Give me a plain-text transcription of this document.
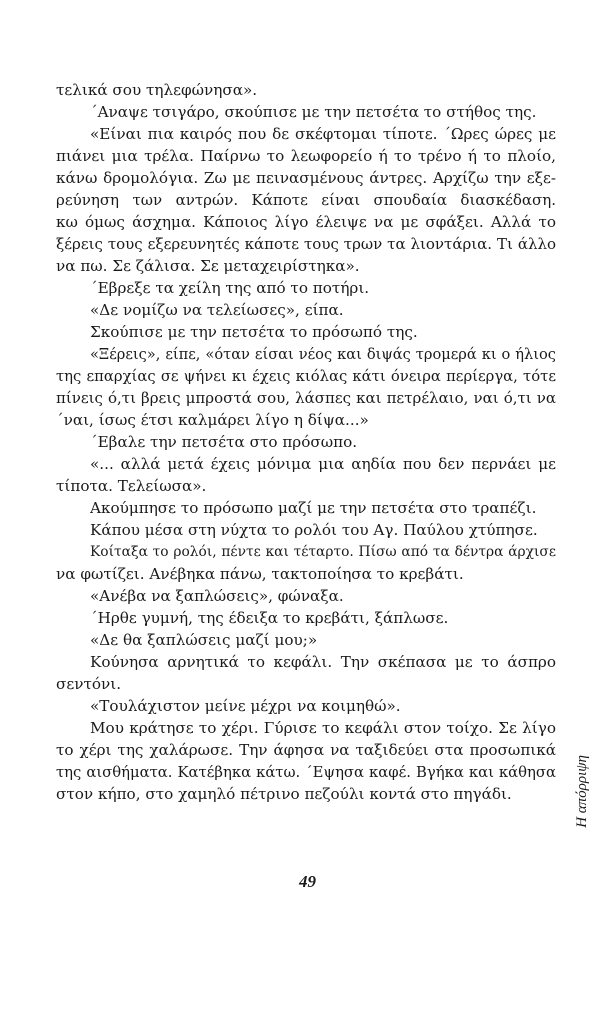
τελικά σου τηλεφώνησα».
΄Αναψε τσιγάρο, σκούπισε με την πετσέτα το στήθος της.
«Είναι πια καιρός που δε σκέφτομαι τίποτε. ΄Ωρες ώρες με
πιάνει μια τρέλα. Παίρνω το λεωφορείο ή το τρένο ή το πλοίο,
κάνω δρομολόγια. Ζω με πεινασμένους άντρες. Αρχίζω την εξε-
ρεύνηση των αντρών. Κάποτε είναι σπουδαία διασκέδαση.
κω όμως άσχημα. Κάποιος λίγο έλειψε να με σφάξει. Αλλά το
ξέρεις τους εξερευνητές κάποτε τους τρων τα λιοντάρια. Τι άλλο
να πω. Σε ζάλισα. Σε μεταχειρίστηκα».
΄Εβρεξε τα χείλη της από το ποτήρι.
«Δε νομίζω να τελείωσες», είπα.
Σκούπισε με την πετσέτα το πρόσωπό της.
«Ξέρεις», είπε, «όταν είσαι νέος και διψάς τρομερά κι ο ήλιος
της επαρχίας σε ψήνει κι έχεις κιόλας κάτι όνειρα περίεργα, τότε
πίνεις ό,τι βρεις μπροστά σου, λάσπες και πετρέλαιο, ναι ό,τι να
΄ναι, ίσως έτσι καλμάρει λίγο η δίψα...»
΄Εβαλε την πετσέτα στο πρόσωπο.
«... αλλά μετά έχεις μόνιμα μια αηδία που δεν περνάει με
τίποτα. Τελείωσα».
Ακούμπησε το πρόσωπο μαζί με την πετσέτα στο τραπέζι.
Κάπου μέσα στη νύχτα το ρολόι του Αγ. Παύλου χτύπησε.
Κοίταξα το ρολόι, πέντε και τέταρτο. Πίσω από τα δέντρα άρχισε
να φωτίζει. Ανέβηκα πάνω, τακτοποίησα το κρεβάτι.
«Ανέβα να ξαπλώσεις», φώναξα.
΄Ηρθε γυμνή, της έδειξα το κρεβάτι, ξάπλωσε.
«Δε θα ξαπλώσεις μαζί μου;»
Κούνησα αρνητικά το κεφάλι. Την σκέπασα με το άσπρο
σεντόνι.
«Τουλάχιστον μείνε μέχρι να κοιμηθώ».
Μου κράτησε το χέρι. Γύρισε το κεφάλι στον τοίχο. Σε λίγο
το χέρι της χαλάρωσε. Την άφησα να ταξιδεύει στα προσωπικά
της αισθήματα. Κατέβηκα κάτω. ΄Εψησα καφέ. Βγήκα και κάθησα
στον κήπο, στο χαμηλό πέτρινο πεζούλι κοντά στο πηγάδι.	Η απόρριψη
49
